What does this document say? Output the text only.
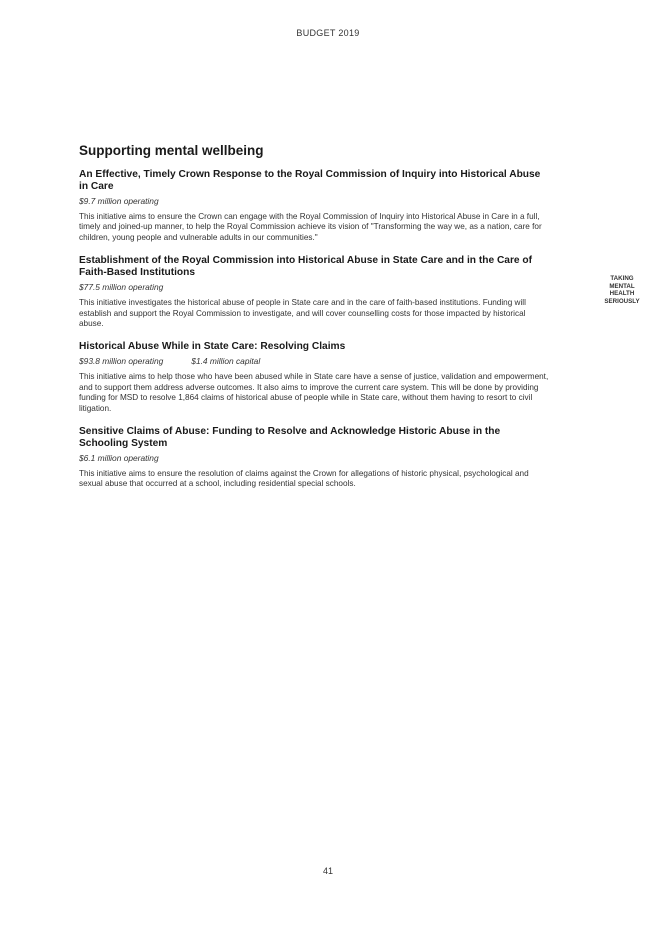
BUDGET 2019
Supporting mental wellbeing

An Effective, Timely Crown Response to the Royal Commission of Inquiry into Historical Abuse in Care

$9.7 million operating

This initiative aims to ensure the Crown can engage with the Royal Commission of Inquiry into Historical Abuse in Care in a full, timely and joined-up manner, to help the Royal Commission achieve its vision of "Transforming the way we, as a nation, care for children, young people and vulnerable adults in our communities."

Establishment of the Royal Commission into Historical Abuse in State Care and in the Care of Faith-Based Institutions

$77.5 million operating

This initiative investigates the historical abuse of people in State care and in the care of faith-based institutions. Funding will establish and support the Royal Commission to investigate, and will cover counselling costs for those impacted by historical abuse.

Historical Abuse While in State Care: Resolving Claims

$93.8 million operating	$1.4 million capital

This initiative aims to help those who have been abused while in State care have a sense of justice, validation and empowerment, and to support them address adverse outcomes. It also aims to improve the current care system. This will be done by providing funding for MSD to resolve 1,864 claims of historical abuse of people while in State care, without them having to resort to civil litigation.

Sensitive Claims of Abuse: Funding to Resolve and Acknowledge Historic Abuse in the Schooling System

$6.1 million operating

This initiative aims to ensure the resolution of claims against the Crown for allegations of historic physical, psychological and sexual abuse that occurred at a school, including residential special schools.

TAKING
MENTAL
HEALTH
SERIOUSLY
41
